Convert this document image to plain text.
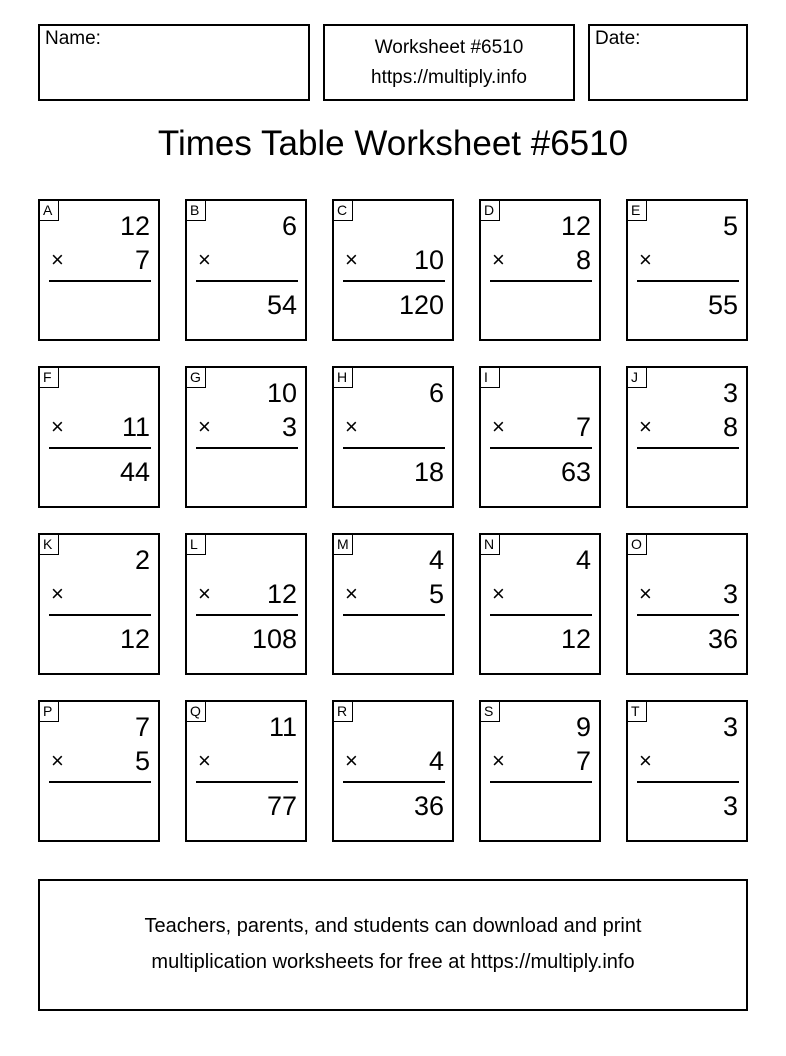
Name:	Worksheet #6510
https://multiply.info
Date:
Times Table Worksheet #6510
A
12
×	7
B
6
×
54
C
× 10
120
D
12
×	8
E
5
×
55
F
× 11
44
G
10
×	3
H
6
×
18
I
×	7
63
J
3
×	8
K
2
×
12
L
× 12
108
M
4
×	5
N
4
×
12
O
×	3
36
P
7
×	5
Q
11
×
77
R
×	4
36
S
9
×	7
T
3
×
3
Teachers, parents, and students can download and print
multiplication worksheets for free at https://multiply.info
